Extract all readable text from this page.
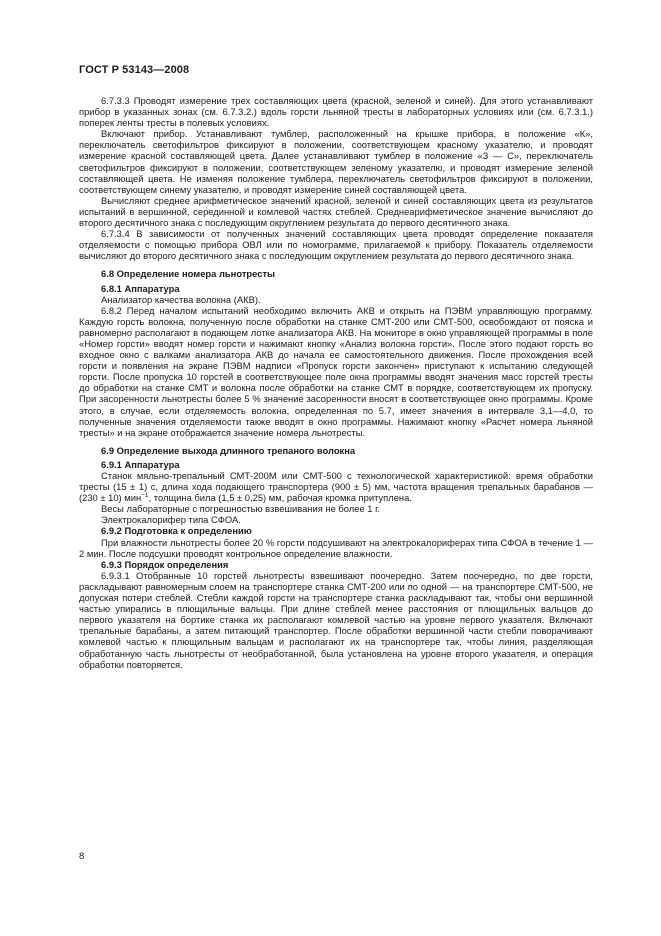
ГОСТ Р 53143—2008

6.7.3.3 Проводят измерение трех составляющих цвета (красной, зеленой и синей). Для этого устанавливают прибор в указанных зонах (см. 6.7.3.2.) вдоль горсти льняной тресты в лабораторных условиях или (см. 6.7.3.1.) поперек ленты тресты в полевых условиях.

Включают прибор. Устанавливают тумблер, расположенный на крышке прибора, в положение «К», переключатель светофильтров фиксируют в положении, соответствующем красному указателю, и проводят измерение красной составляющей цвета. Далее устанавливают тумблер в положение «З — С», переключатель светофильтров фиксируют в положении, соответствующем зеленому указателю, и проводят измерение зеленой составляющей цвета. Не изменяя положение тумблера, переключатель светофильтров фиксируют в положении, соответствующем синему указателю, и проводят измерение синей составляющей цвета.

Вычисляют среднее арифметическое значений красной, зеленой и синей составляющих цвета из результатов испытаний в вершинной, серединной и комлевой частях стеблей. Среднеарифметическое значение вычисляют до второго десятичного знака с последующим округлением результата до первого десятичного знака.

6.7.3.4 В зависимости от полученных значений составляющих цвета проводят определение показателя отделяемости с помощью прибора ОВЛ или по номограмме, прилагаемой к прибору. Показатель отделяемости вычисляют до второго десятичного знака с последующим округлением результата до первого десятичного знака.

6.8 Определение номера льнотресты
6.8.1 Аппаратура

Анализатор качества волокна (АКВ).

6.8.2 Перед началом испытаний необходимо включить АКВ и открыть на ПЭВМ управляющую программу. Каждую горсть волокна, полученную после обработки на станке СМТ-200 или СМТ-500, освобождают от пояска и равномерно располагают в подающем лотке анализатора АКВ. На мониторе в окно управляющей программы в поле «Номер горсти» вводят номер горсти и нажимают кнопку «Анализ волокна горсти». После этого подают горсть во входное окно с валками анализатора АКВ до начала ее самостоятельного движения. После прохождения всей горсти и появления на экране ПЭВМ надписи «Пропуск горсти закончен» приступают к испытанию следующей горсти. После пропуска 10 горстей в соответствующее поле окна программы вводят значения масс горстей тресты до обработки на станке СМТ и волокна после обработки на станке СМТ в порядке, соответствующем их пропуску. При засоренности льнотресты более 5 % значение засоренности вносят в соответствующее окно программы. Кроме этого, в случае, если отделяемость волокна, определенная по 5.7, имеет значения в интервале 3,1—4,0, то полученные значения отделяемости также вводят в окно программы. Нажимают кнопку «Расчет номера льняной тресты» и на экране отображается значение номера льнотресты.

6.9 Определение выхода длинного трепаного волокна
6.9.1 Аппаратура

Станок мяльно-трепальный СМТ-200М или СМТ-500 с технологической характеристикой: время обработки тресты (15 ± 1) с, длина хода подающего транспортера (900 ± 5) мм, частота вращения трепальных барабанов — (230 ± 10) мин$^{-1}$, толщина била (1,5 ± 0,25) мм, рабочая кромка притуплена.

Весы лабораторные с погрешностью взвешивания не более 1 г.

Электрокалорифер типа СФОА.

6.9.2 Подготовка к определению

При влажности льнотресты более 20 % горсти подсушивают на электрокалориферах типа СФОА в течение 1 — 2 мин. После подсушки проводят контрольное определение влажности.

6.9.3 Порядок определения

6.9.3.1 Отобранные 10 горстей льнотресты взвешивают поочередно. Затем поочередно, по две горсти, раскладывают равномерным слоем на транспортере станка СМТ-200 или по одной — на транспортере СМТ-500, не допуская потери стеблей. Стебли каждой горсти на транспортере станка раскладывают так, чтобы они вершинной частью упирались в плющильные вальцы. При длине стеблей менее расстояния от плющильных вальцов до первого указателя на бортике станка их располагают комлевой частью на уровне первого указателя. Включают трепальные барабаны, а затем питающий транспортер. После обработки вершинной части стебли поворачивают комлевой частью к плющильным вальцам и располагают их на транспортере так, чтобы линия, разделяющая обработанную часть льнотресты от необработанной, была установлена на уровне второго указателя, и операция обработки повторяется.

8
